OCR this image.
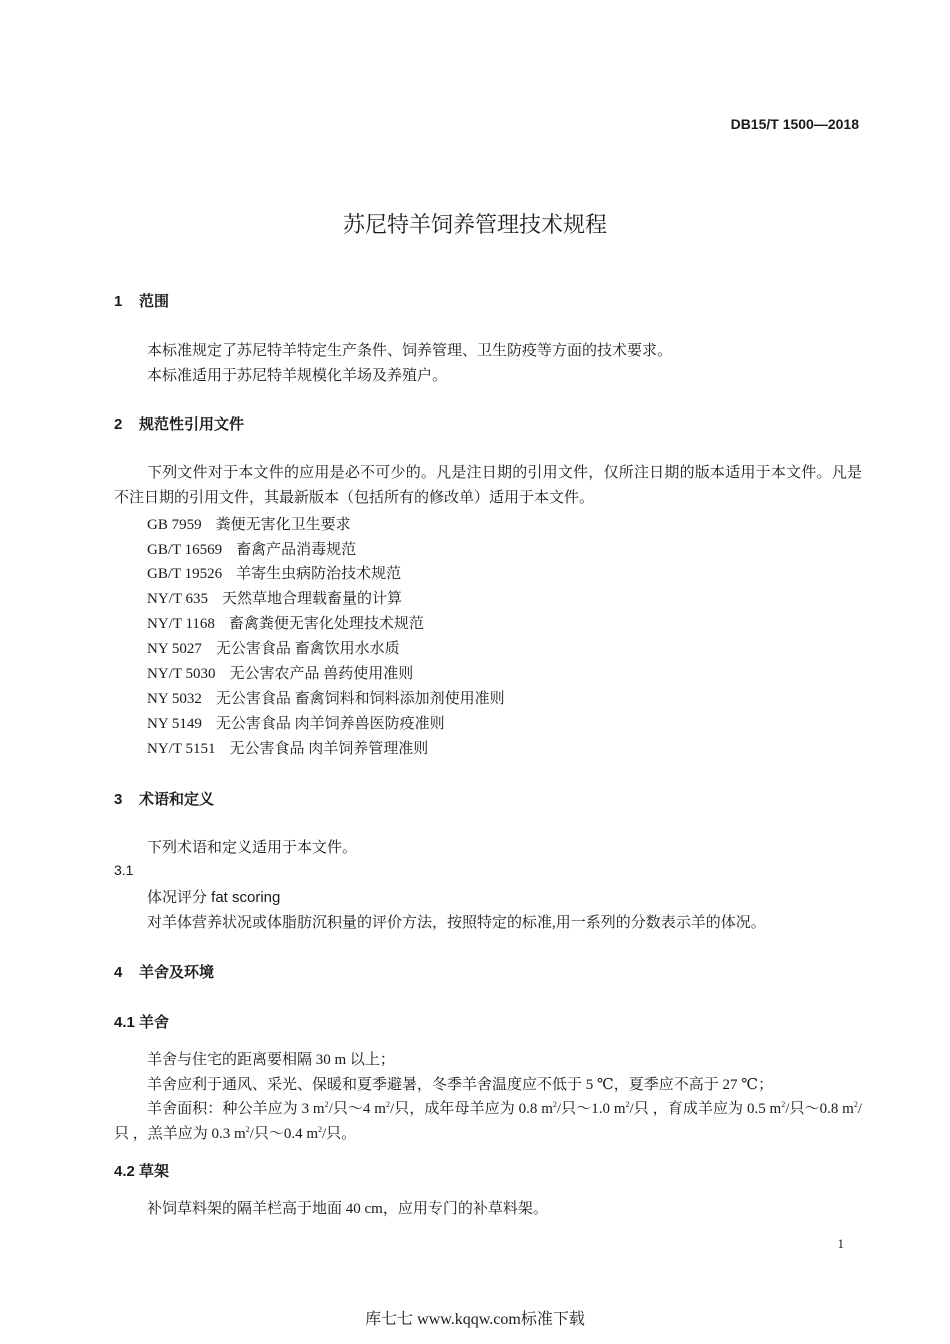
DB15/T 1500—2018
苏尼特羊饲养管理技术规程
1 范围
本标准规定了苏尼特羊特定生产条件、饲养管理、卫生防疫等方面的技术要求。
本标准适用于苏尼特羊规模化羊场及养殖户。
2 规范性引用文件
下列文件对于本文件的应用是必不可少的。凡是注日期的引用文件，仅所注日期的版本适用于本文件。凡是不注日期的引用文件，其最新版本（包括所有的修改单）适用于本文件。
GB 7959 粪便无害化卫生要求
GB/T 16569 畜禽产品消毒规范
GB/T 19526 羊寄生虫病防治技术规范
NY/T 635 天然草地合理载畜量的计算
NY/T 1168 畜禽粪便无害化处理技术规范
NY 5027 无公害食品 畜禽饮用水水质
NY/T 5030 无公害农产品 兽药使用准则
NY 5032 无公害食品 畜禽饲料和饲料添加剂使用准则
NY 5149 无公害食品 肉羊饲养兽医防疫准则
NY/T 5151 无公害食品 肉羊饲养管理准则
3 术语和定义
下列术语和定义适用于本文件。
3.1
体况评分 fat scoring
对羊体营养状况或体脂肪沉积量的评价方法，按照特定的标准,用一系列的分数表示羊的体况。
4 羊舍及环境
4.1 羊舍
羊舍与住宅的距离要相隔 30 m 以上；
羊舍应利于通风、采光、保暖和夏季避暑，冬季羊舍温度应不低于 5 ℃，夏季应不高于 27 ℃；
羊舍面积：种公羊应为 3 $m^2/$只～4 $m^2/$只，成年母羊应为 0.8 $m^2/$只～1.0 $m^2/$只 ，育成羊应为 0.5 $m^2/$只～0.8 $m^2/$只 ，羔羊应为 0.3 $m^2/$只～0.4 $m^2/$只。
4.2 草架
补饲草料架的隔羊栏高于地面 40 cm，应用专门的补草料架。
1
库七七 www.kqqw.com标准下载
